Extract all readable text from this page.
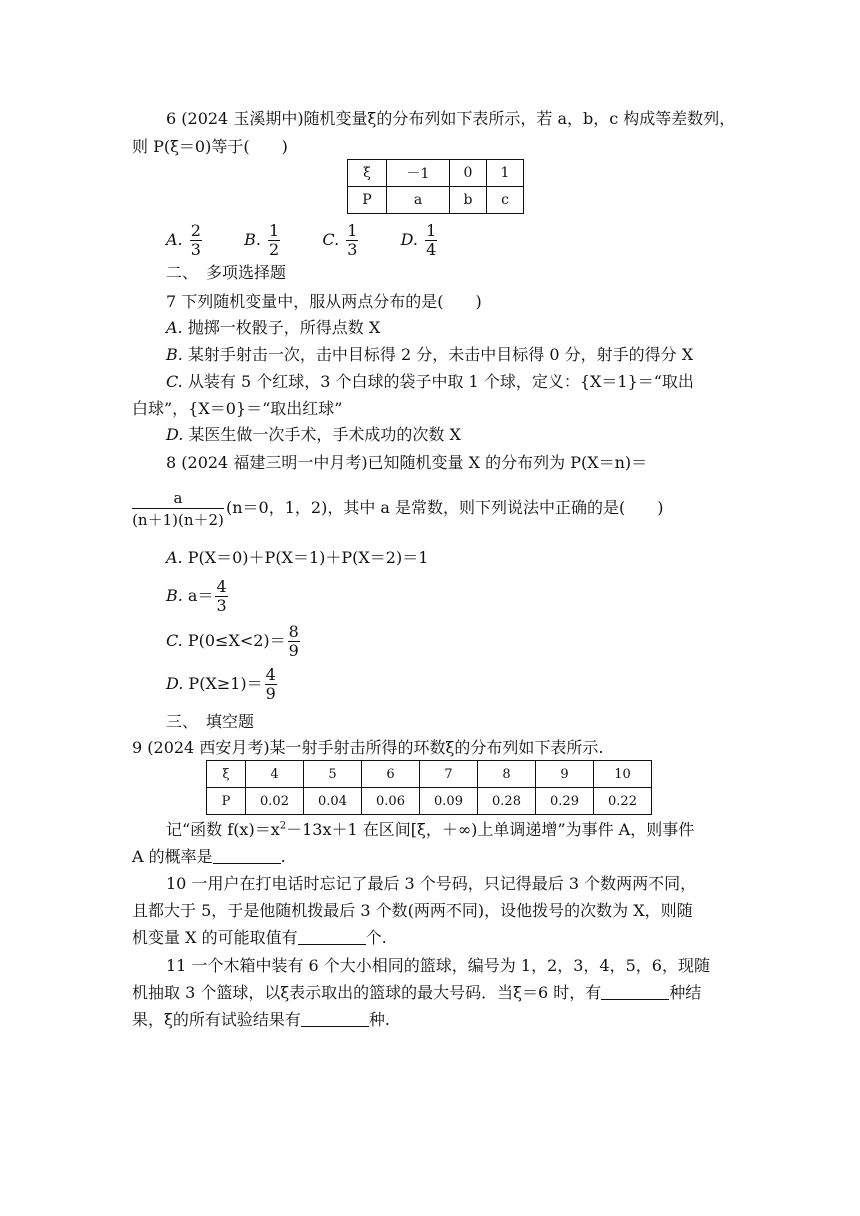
6 (2024 玉溪期中)随机变量ξ的分布列如下表所示，若 a，b，c 构成等差数列，
则 P(ξ＝0)等于(　　)
ξ	－1	0	1
P	a	b	c
A. $\frac{2}{3}$	B. $\frac{1}{2}$	C. $\frac{1}{3}$	D. $\frac{1}{4}$
二、　多项选择题
7 下列随机变量中，服从两点分布的是(　　)
A. 抛掷一枚骰子，所得点数 X
B. 某射手射击一次，击中目标得 2 分，未击中目标得 0 分，射手的得分 X
C. 从装有 5 个红球，3 个白球的袋子中取 1 个球，定义：{X＝1}＝“取出
白球”，{X＝0}＝“取出红球”
D. 某医生做一次手术，手术成功的次数 X
8 (2024 福建三明一中月考)已知随机变量 X 的分布列为 P(X＝n)＝
$\frac{a}{(n+1)(n+2)} (n=0$，1，2)，其中 a 是常数，则下列说法中正确的是(　　)
A. P(X＝0)＋P(X＝1)＋P(X＝2)＝1
B. $a= \frac{4}{3}$
C. $P(0\le X<2)= \frac{8}{9}$
D. $P(X\ge 1)= \frac{4}{9}$
三、　填空题
9 (2024 西安月考)某一射手射击所得的环数ξ的分布列如下表所示.
ξ	4	5	6	7	8	9	10
P	0.02	0.04	0.06	0.09	0.28	0.29	0.22
记“函数 $f(x)=x^2-13x+1$ 在区间[ξ，＋∞)上单调递增”为事件 A，则事件
A 的概率是	.
10 一用户在打电话时忘记了最后 3 个号码，只记得最后 3 个数两两不同，
且都大于 5，于是他随机拨最后 3 个数(两两不同)，设他拨号的次数为 X，则随
机变量 X 的可能取值有	个.
11 一个木箱中装有 6 个大小相同的篮球，编号为 1，2，3，4，5，6，现随
机抽取 3 个篮球，以ξ表示取出的篮球的最大号码．当ξ＝6 时，有	种结
果，ξ的所有试验结果有	种.
